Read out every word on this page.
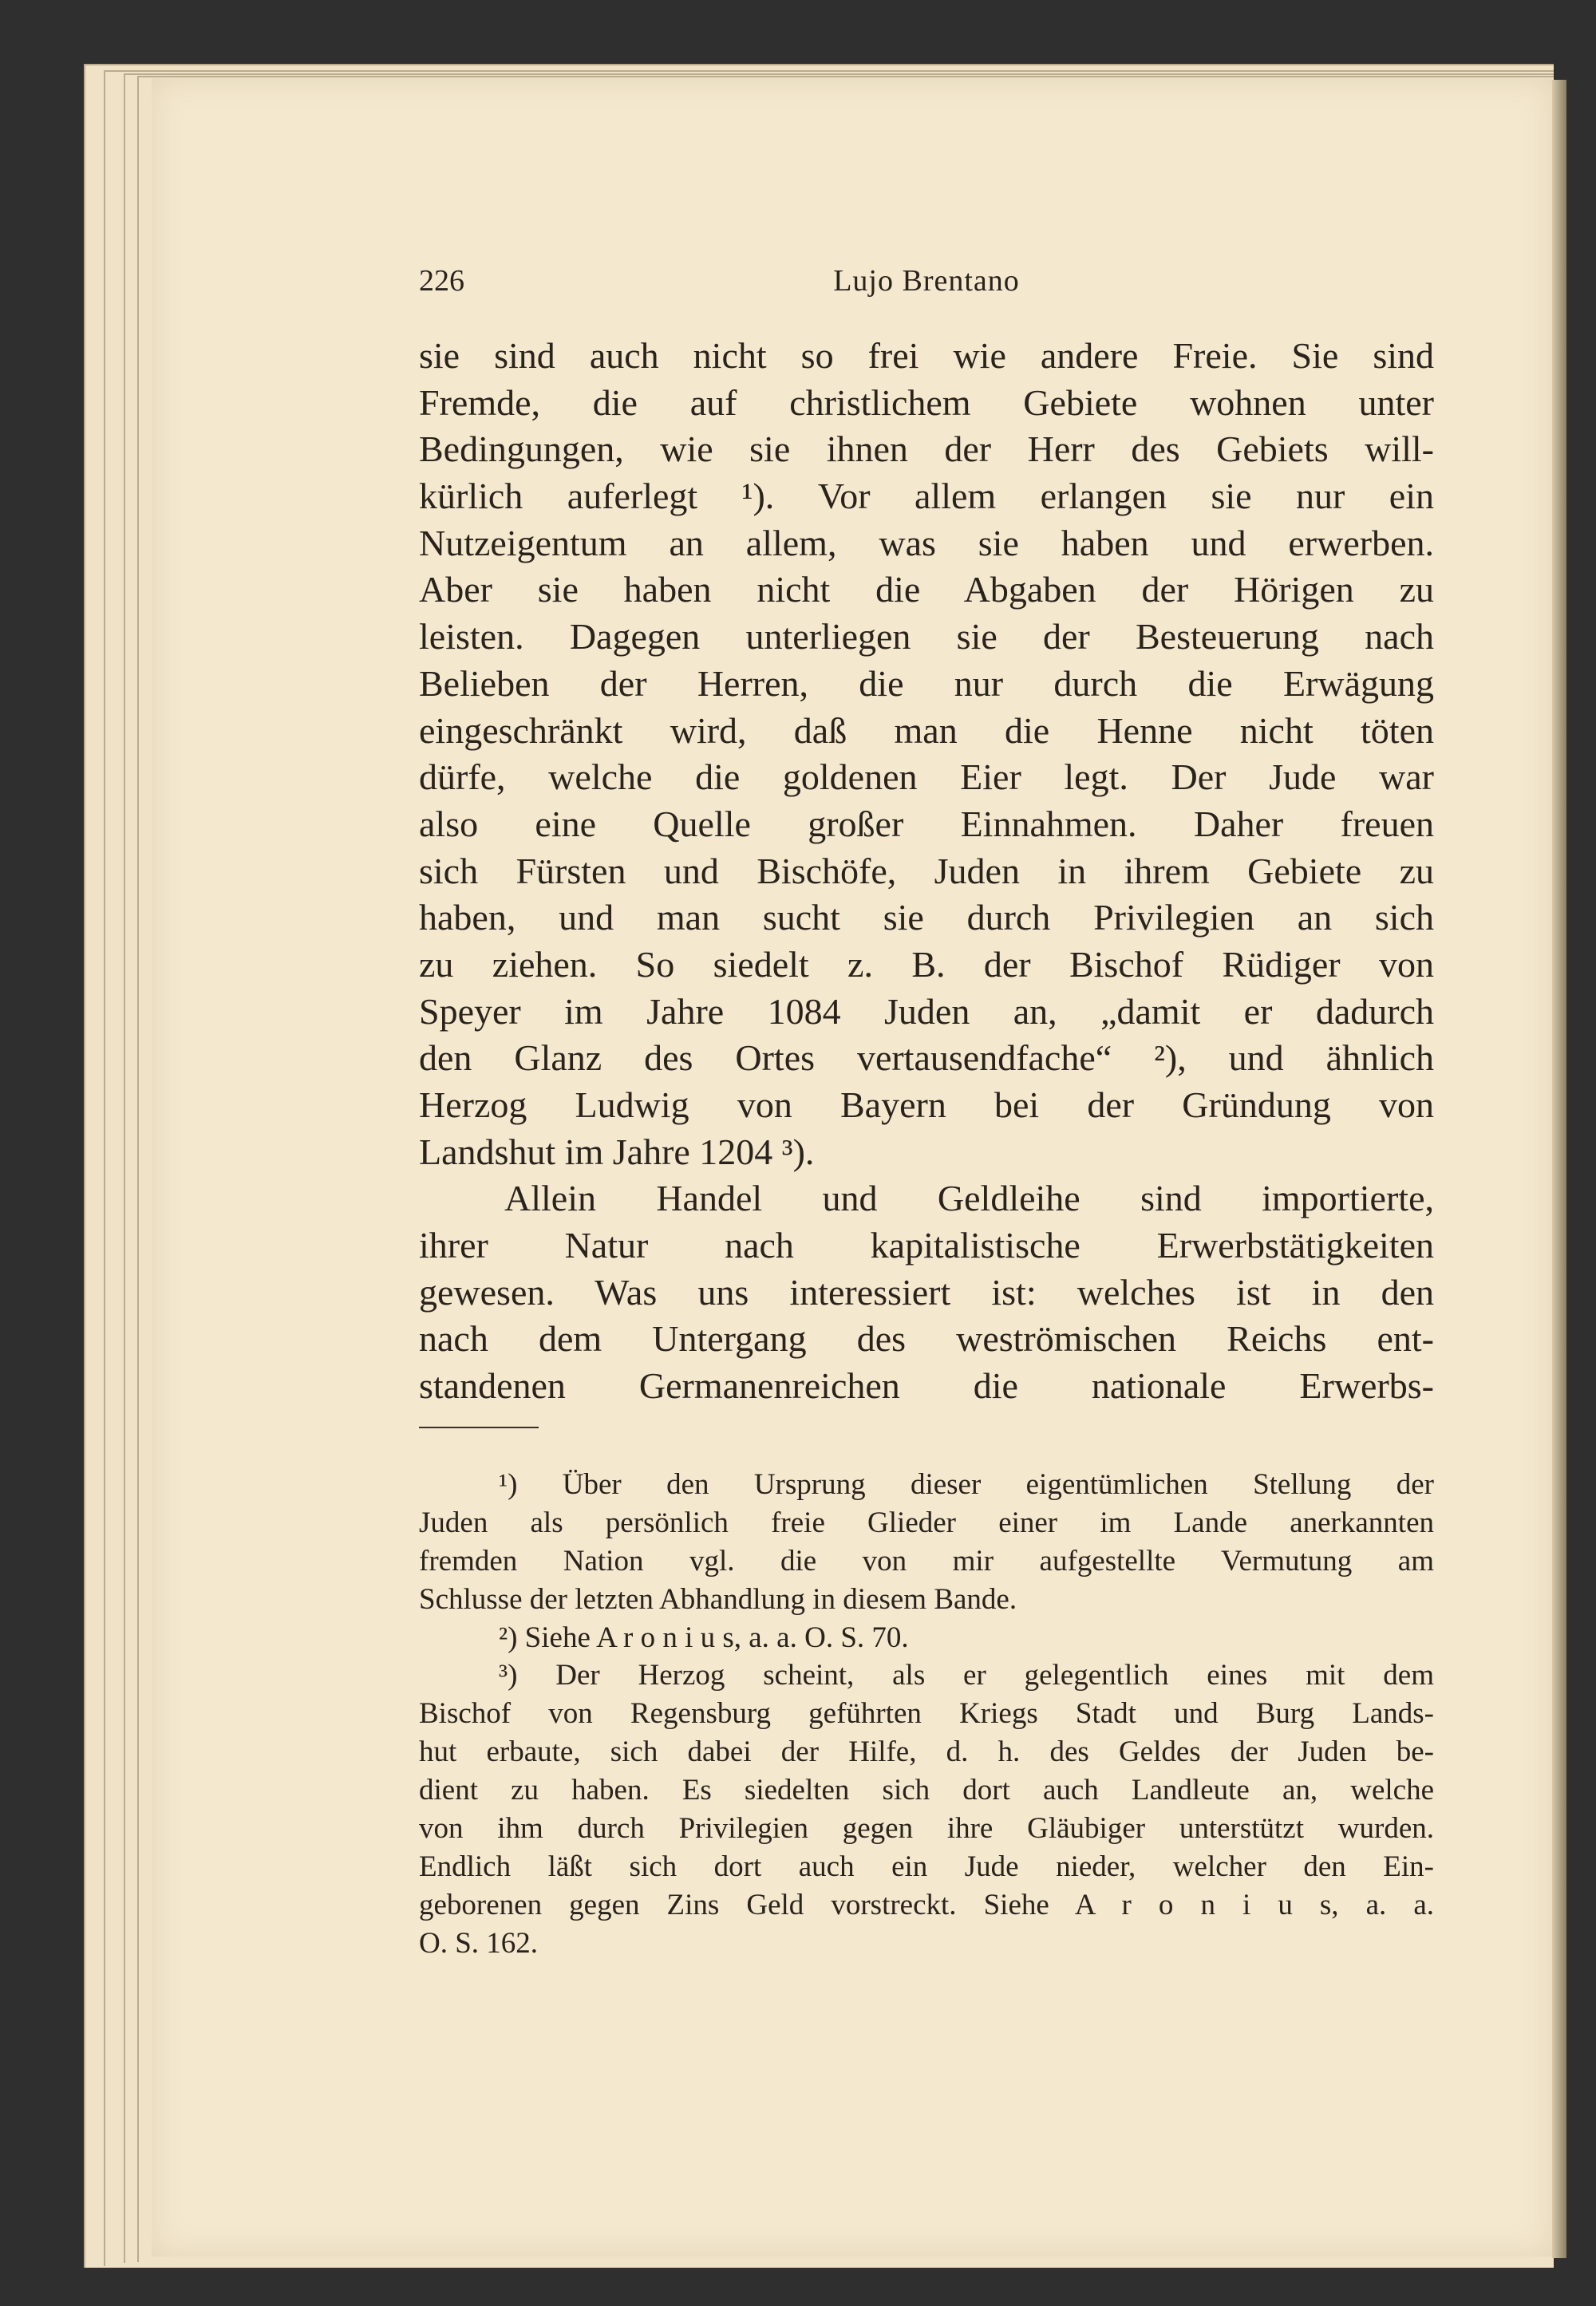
226	Lujo Brentano
sie sind auch nicht so frei wie andere Freie. Sie sind
Fremde, die auf christlichem Gebiete wohnen unter
Bedingungen, wie sie ihnen der Herr des Gebiets will-
kürlich auferlegt ¹). Vor allem erlangen sie nur ein
Nutzeigentum an allem, was sie haben und erwerben.
Aber sie haben nicht die Abgaben der Hörigen zu
leisten. Dagegen unterliegen sie der Besteuerung nach
Belieben der Herren, die nur durch die Erwägung
eingeschränkt wird, daß man die Henne nicht töten
dürfe, welche die goldenen Eier legt. Der Jude war
also eine Quelle großer Einnahmen. Daher freuen
sich Fürsten und Bischöfe, Juden in ihrem Gebiete zu
haben, und man sucht sie durch Privilegien an sich
zu ziehen. So siedelt z. B. der Bischof Rüdiger von
Speyer im Jahre 1084 Juden an, „damit er dadurch
den Glanz des Ortes vertausendfache“ ²), und ähnlich
Herzog Ludwig von Bayern bei der Gründung von
Landshut im Jahre 1204 ³).
Allein Handel und Geldleihe sind importierte,
ihrer Natur nach kapitalistische Erwerbstätigkeiten
gewesen. Was uns interessiert ist: welches ist in den
nach dem Untergang des weströmischen Reichs ent-
standenen Germanenreichen die nationale Erwerbs-
¹) Über den Ursprung dieser eigentümlichen Stellung der
Juden als persönlich freie Glieder einer im Lande anerkannten
fremden Nation vgl. die von mir aufgestellte Vermutung am
Schlusse der letzten Abhandlung in diesem Bande.
²) Siehe A r o n i u s, a. a. O. S. 70.
³) Der Herzog scheint, als er gelegentlich eines mit dem
Bischof von Regensburg geführten Kriegs Stadt und Burg Lands-
hut erbaute, sich dabei der Hilfe, d. h. des Geldes der Juden be-
dient zu haben. Es siedelten sich dort auch Landleute an, welche
von ihm durch Privilegien gegen ihre Gläubiger unterstützt wurden.
Endlich läßt sich dort auch ein Jude nieder, welcher den Ein-
geborenen gegen Zins Geld vorstreckt. Siehe A r o n i u s, a. a.
O. S. 162.
